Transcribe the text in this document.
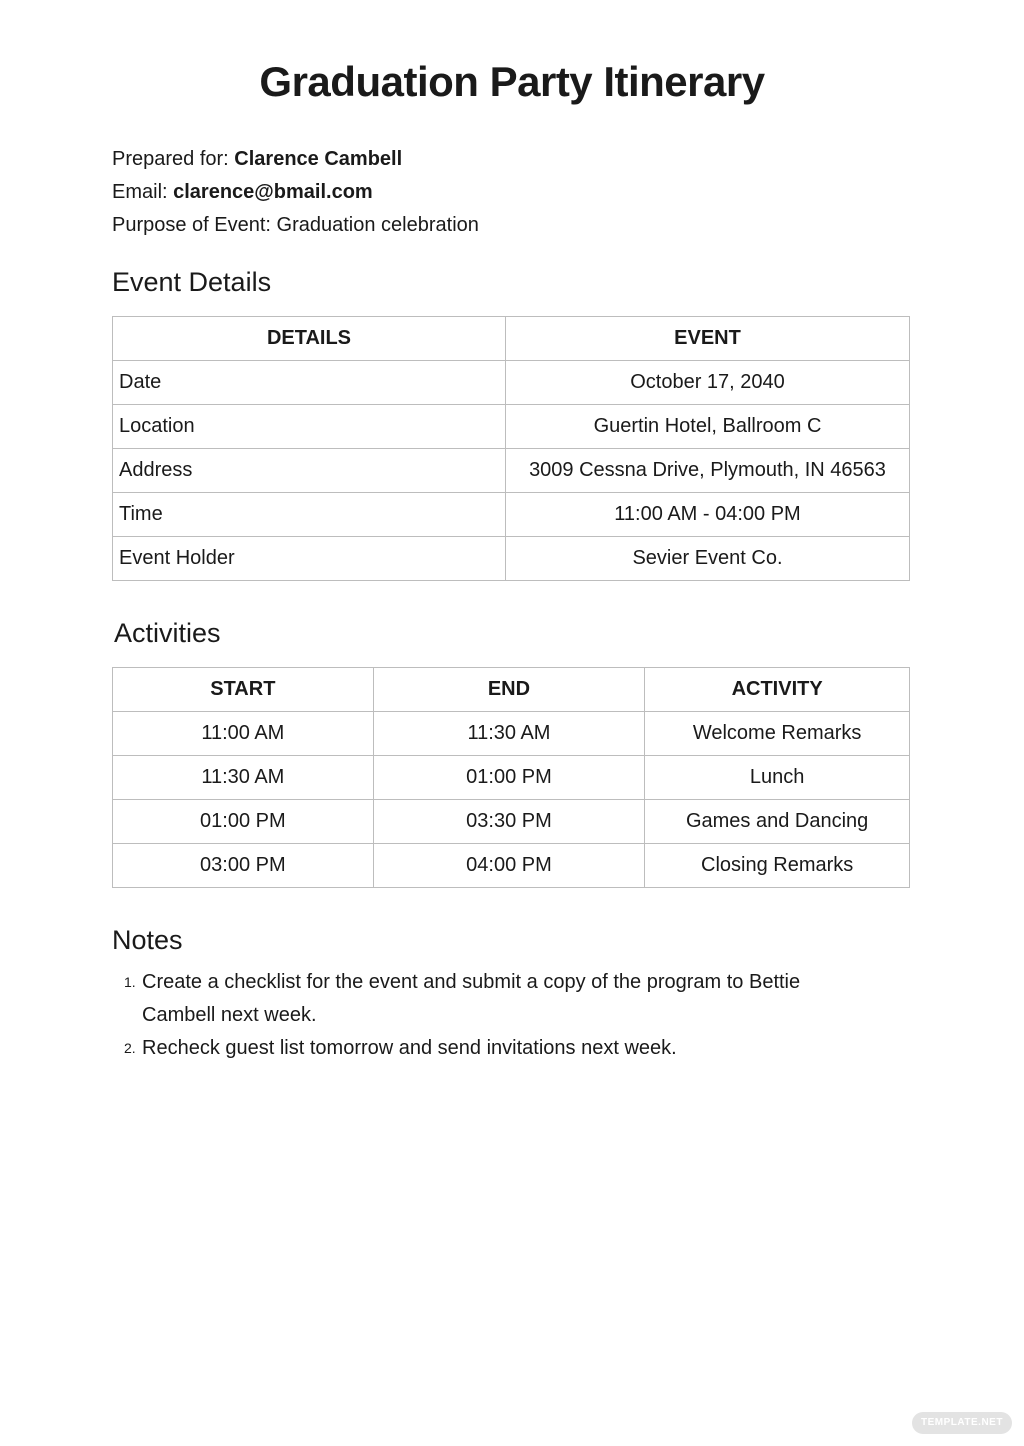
Graduation Party Itinerary
Prepared for: Clarence Cambell
Email: clarence@bmail.com
Purpose of Event: Graduation celebration
Event Details
DETAILS	EVENT
Date	October 17, 2040
Location	Guertin Hotel, Ballroom C
Address	3009 Cessna Drive, Plymouth, IN 46563
Time	11:00 AM - 04:00 PM
Event Holder	Sevier Event Co.
Activities
START	END	ACTIVITY
11:00 AM	11:30 AM	Welcome Remarks
11:30 AM	01:00 PM	Lunch
01:00 PM	03:30 PM	Games and Dancing
03:00 PM	04:00 PM	Closing Remarks
Notes
1. Create a checklist for the event and submit a copy of the program to Bettie Cambell next week.
2. Recheck guest list tomorrow and send invitations next week.
TEMPLATE.NET
